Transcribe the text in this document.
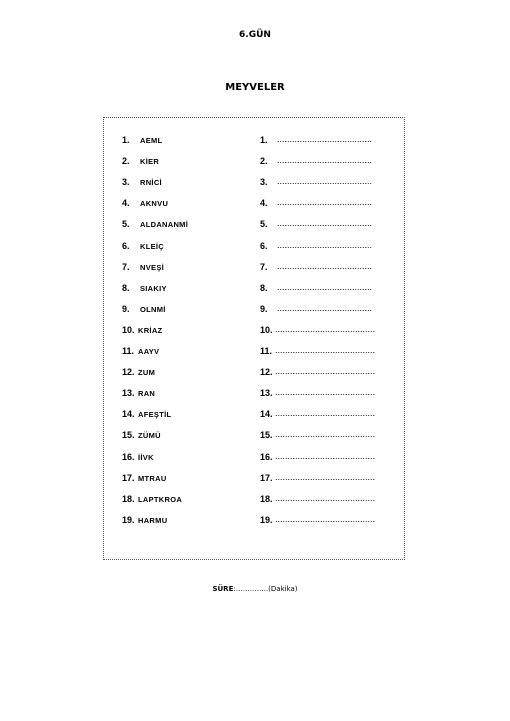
6.GÜN
MEYVELER
1. AEML	1. ......................................
2. KİER	2. ......................................
3. RNİCİ	3. ......................................
4. AKNVU	4. ......................................
5. ALDANANMİ	5. ......................................
6. KLEİÇ	6. ......................................
7. NVEŞİ	7. ......................................
8. SIAKIY	8. ......................................
9. OLNMİ	9. ......................................
10. KRİAZ	10. ........................................
11. AAYV	11. ........................................
12. ZUM	12. ........................................
13. RAN	13. ........................................
14. AFEŞTİL	14. ........................................
15. ZÜMÜ	15. ........................................
16. İİVK	16. ........................................
17. MTRAU	17. ........................................
18. LAPTKROA	18. ........................................
19. HARMU	19. ........................................
SÜRE:…………..(Dakika)
